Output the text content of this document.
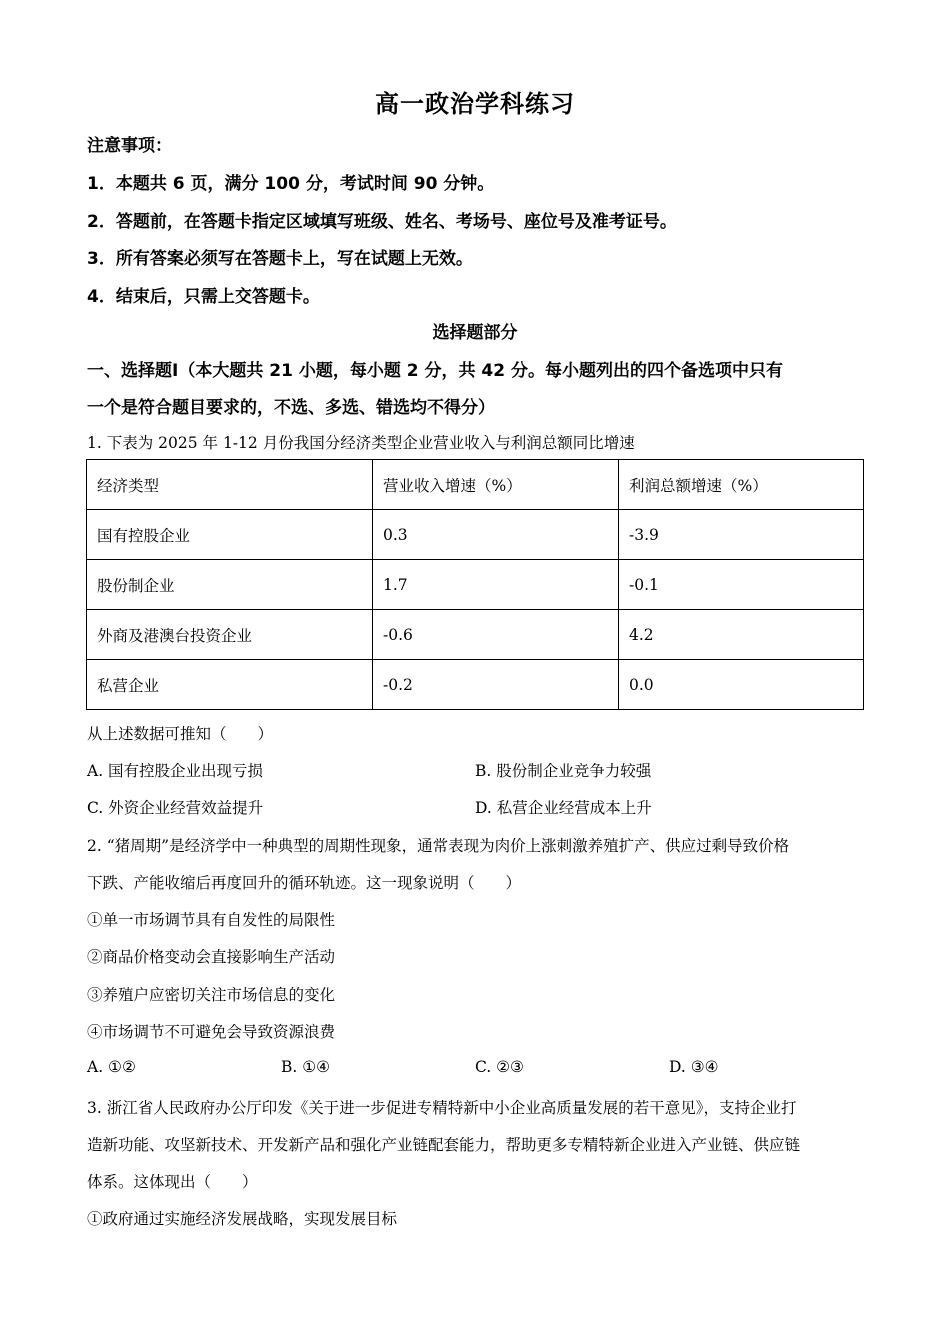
高一政治学科练习
注意事项：
1．本题共 6 页，满分 100 分，考试时间 90 分钟。
2．答题前，在答题卡指定区域填写班级、姓名、考场号、座位号及准考证号。
3．所有答案必须写在答题卡上，写在试题上无效。
4．结束后，只需上交答题卡。
选择题部分
一、选择题Ⅰ（本大题共 21 小题，每小题 2 分，共 42 分。每小题列出的四个备选项中只有
一个是符合题目要求的，不选、多选、错选均不得分）
1. 下表为 2025 年 1-12 月份我国分经济类型企业营业收入与利润总额同比增速
经济类型	营业收入增速（%）	利润总额增速（%）
国有控股企业	0.3	-3.9
股份制企业	1.7	-0.1
外商及港澳台投资企业	-0.6	4.2
私营企业	-0.2	0.0
从上述数据可推知（　　）
A. 国有控股企业出现亏损	B. 股份制企业竞争力较强
C. 外资企业经营效益提升	D. 私营企业经营成本上升
2. “猪周期”是经济学中一种典型的周期性现象，通常表现为肉价上涨刺激养殖扩产、供应过剩导致价格
下跌、产能收缩后再度回升的循环轨迹。这一现象说明（　　）
①单一市场调节具有自发性的局限性
②商品价格变动会直接影响生产活动
③养殖户应密切关注市场信息的变化
④市场调节不可避免会导致资源浪费
A. ①②	B. ①④	C. ②③	D. ③④
3. 浙江省人民政府办公厅印发《关于进一步促进专精特新中小企业高质量发展的若干意见》，支持企业打
造新功能、攻坚新技术、开发新产品和强化产业链配套能力，帮助更多专精特新企业进入产业链、供应链
体系。这体现出（　　）
①政府通过实施经济发展战略，实现发展目标
